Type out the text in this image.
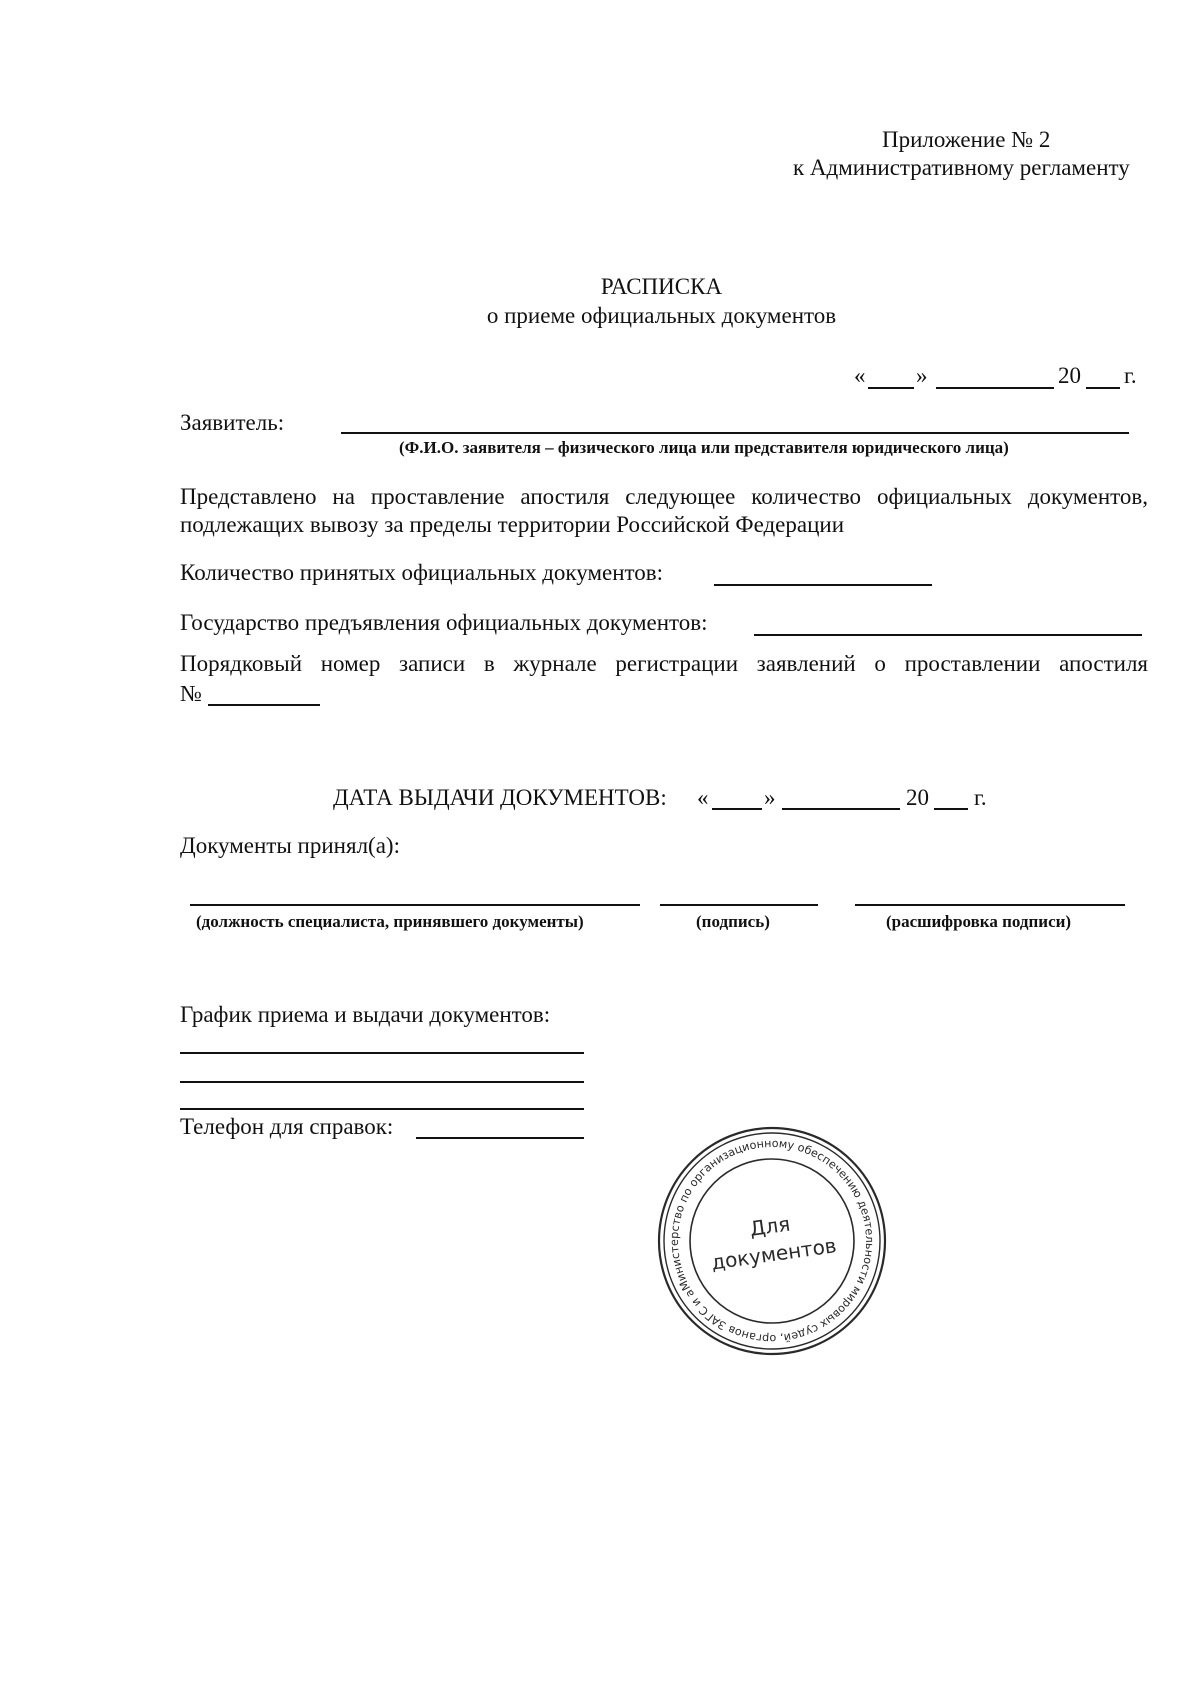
Приложение № 2
к Административному регламенту
РАСПИСКА
о приеме официальных документов
« »	20 г.
Заявитель:
(Ф.И.О. заявителя – физического лица или представителя юридического лица)
Представлено на проставление апостиля следующее количество официальных документов,
подлежащих вывозу за пределы территории Российской Федерации
Количество принятых официальных документов:
Государство предъявления официальных документов:
Порядковый номер записи в журнале регистрации заявлений о проставлении апостиля
№
ДАТА ВЫДАЧИ ДОКУМЕНТОВ: « »	20 г.
Документы принял(а):
(должность специалиста, принявшего документы)	(подпись)	(расшифровка подписи)
График приема и выдачи документов:
Телефон для справок:
Министерство по организационному обеспечению деятельности мировых судей, органов ЗАГС и архивов
Для
документов
